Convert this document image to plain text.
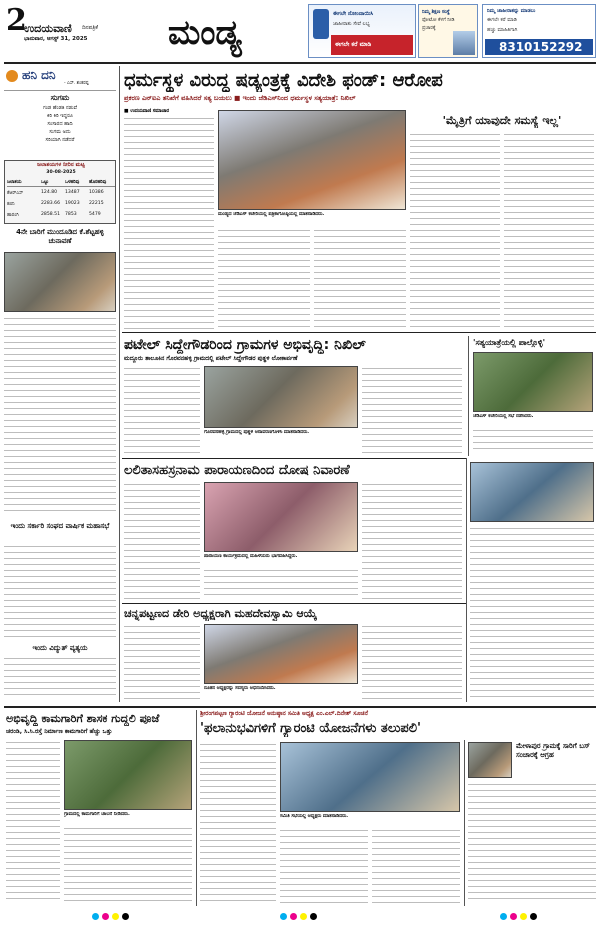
2
ಉದಯವಾಣಿ ದಿನಪತ್ರಿಕೆ
ಭಾನುವಾರ, ಆಗಸ್ಟ್ 31, 2025 ಮಂಡ್ಯ	ಈಗಲೇ ನೋಂದಾಯಿಸಿ
ಜಾಹೀರಾತು ಸೇವೆ ಲಭ್ಯ
ಈಗಲೇ ಕರೆ ಮಾಡಿ
ನಿಮ್ಮ ಶಿಕ್ಷಣ ಸಂಸ್ಥೆ
ಫೋಟೋ ಕೆಳಗೆ ನೀಡಿ
ಪ್ರಚಾರಕ್ಕೆ
ನಿಮ್ಮ ಜಾಹೀರಾತನ್ನು ಮಾಡಲು
ಈಗಲೇ ಕರೆ ಮಾಡಿ
ಹಚ್ಚು ಮಾಹಿತಿಗಾಗಿ
8310152292
ಹನಿ ದನಿ
- ಎಸ್. ಶಂಕರಪ್ಪ
ಸುಗಮ
ಗಂಡ ಹೆಂಡತಿ ನಡುವೆ
ಕಿರಿ ಕಿರಿ ಇದ್ದರೂ
ಸಂಸಾರದ ಹಾದಿ
ಸುಗಮ ಅದು
ಸರಿಯಾಗಿ ನಡೆದರೆ
ಜಲಾಶಯಗಳ ನೀರಿನ ಮಟ್ಟ
30-08-2025
ಜಲಾಶಯ	ಒಟ್ಟು	ಒಳಹರಿವು ಹೊರಹರಿವು
ಕೆಆರ್‌ಎಸ್	124.80 13487 10386
ಕಬಿನಿ	2283.66 19023 22215
ಹಾರಂಗಿ	2858.51 7853	5479
4ನೇ ಬಾರಿಗೆ ಮುಂದೂಡಿದ ಕೆ.ಶೆಟ್ಟಹಳ್ಳಿ ಚುನಾವಣೆ
ಇಂದು ಸರ್ಕಾರಿ ಸಂಘದ ವಾರ್ಷಿಕ ಮಹಾಸಭೆ
ಇಂದು ವಿದ್ಯುತ್ ವ್ಯತ್ಯಯ
ಧರ್ಮಸ್ಥಳ ವಿರುದ್ಧ ಷಡ್ಯಂತ್ರಕ್ಕೆ ವಿದೇಶಿ ಫಂಡ್: ಆರೋಪ
ಪ್ರಕರಣ ಎನ್‌ಐಎ ತನಿಖೆಗೆ ವಹಿಸಿದರೆ ಸತ್ಯ ಬಯಲು ■ ಇಂದು ಜೆಡಿಎಸ್‌ನಿಂದ ಧರ್ಮಸ್ಥಳ ಸತ್ಯಯಾತ್ರೆ: ನಿಖಿಲ್
■ ಉದಯವಾಣಿ ಸಮಾಚಾರ
ಮಂಡ್ಯದ ಜೆಡಿಎಸ್ ಕಚೇರಿಯಲ್ಲಿ ಪತ್ರಿಕಾಗೋಷ್ಠಿಯಲ್ಲಿ ಮಾತನಾಡಿದರು.
'ಮೈತ್ರಿಗೆ ಯಾವುದೇ ಸಮಸ್ಯೆ ಇಲ್ಲ'
ಪಟೇಲ್ ಸಿದ್ದೇಗೌಡರಿಂದ ಗ್ರಾಮಗಳ ಅಭಿವೃದ್ಧಿ: ನಿಖಿಲ್
ಮದ್ದೂರು ತಾಲೂಕಿನ ಗೊರವನಹಳ್ಳಿ ಗ್ರಾಮದಲ್ಲಿ ಪಟೇಲ್ ಸಿದ್ದೇಗೌಡರ ಪುತ್ಥಳಿ ಲೋಕಾರ್ಪಣೆ
ಗೊರವನಹಳ್ಳಿ ಗ್ರಾಮದಲ್ಲಿ ಪುತ್ಥಳಿ ಅನಾವರಣಗೊಳಿಸಿ ಮಾತನಾಡಿದರು.
'ಸತ್ಯಯಾತ್ರೆಯಲ್ಲಿ ಪಾಲ್ಗೊಳ್ಳಿ'
ಜೆಡಿಎಸ್ ಕಚೇರಿಯಲ್ಲಿ ಸಭೆ ನಡೆಸಿದರು.
ಲಲಿತಾಸಹಸ್ರನಾಮ ಪಾರಾಯಣದಿಂದ ದೋಷ ನಿವಾರಣೆ
ಪಾರಾಯಣ ಕಾರ್ಯಕ್ರಮದಲ್ಲಿ ಮಹಿಳೆಯರು ಭಾಗವಹಿಸಿದ್ದರು.
ಚನ್ನಪಟ್ಟಣದ ಡೇರಿ ಅಧ್ಯಕ್ಷರಾಗಿ ಮಹದೇವಸ್ವಾಮಿ ಆಯ್ಕೆ
ನೂತನ ಅಧ್ಯಕ್ಷರನ್ನು ಸದಸ್ಯರು ಅಭಿನಂದಿಸಿದರು.
ಅಭಿವೃದ್ಧಿ ಕಾಮಗಾರಿಗೆ ಶಾಸಕ ಗುದ್ದಲಿ ಪೂಜೆ
ಚರಂಡಿ, ಸಿ.ಸಿ.ರಸ್ತೆ ನಿರ್ಮಾಣ ಕಾಮಗಾರಿಗೆ ಹೆಚ್ಚು ಒತ್ತು
ಗ್ರಾಮದಲ್ಲಿ ಕಾಮಗಾರಿಗೆ ಚಾಲನೆ ನೀಡಿದರು.
ಶ್ರೀರಂಗಪಟ್ಟಣ ಗ್ಯಾರಂಟಿ ಯೋಜನೆ ಅನುಷ್ಠಾನ ಸಮಿತಿ ಅಧ್ಯಕ್ಷ ಎಂ.ಎಲ್.ದಿನೇಶ್ ಸೂಚನೆ
'ಫಲಾನುಭವಿಗಳಿಗೆ ಗ್ಯಾರಂಟಿ ಯೋಜನೆಗಳು ತಲುಪಲಿ'
ಸಮಿತಿ ಸಭೆಯಲ್ಲಿ ಅಧ್ಯಕ್ಷರು ಮಾತನಾಡಿದರು.
ಮೇಳಾಪುರ ಗ್ರಾಮಕ್ಕೆ ಸಾರಿಗೆ ಬಸ್ ಸಂಚಾರಕ್ಕೆ ಆಗ್ರಹ
